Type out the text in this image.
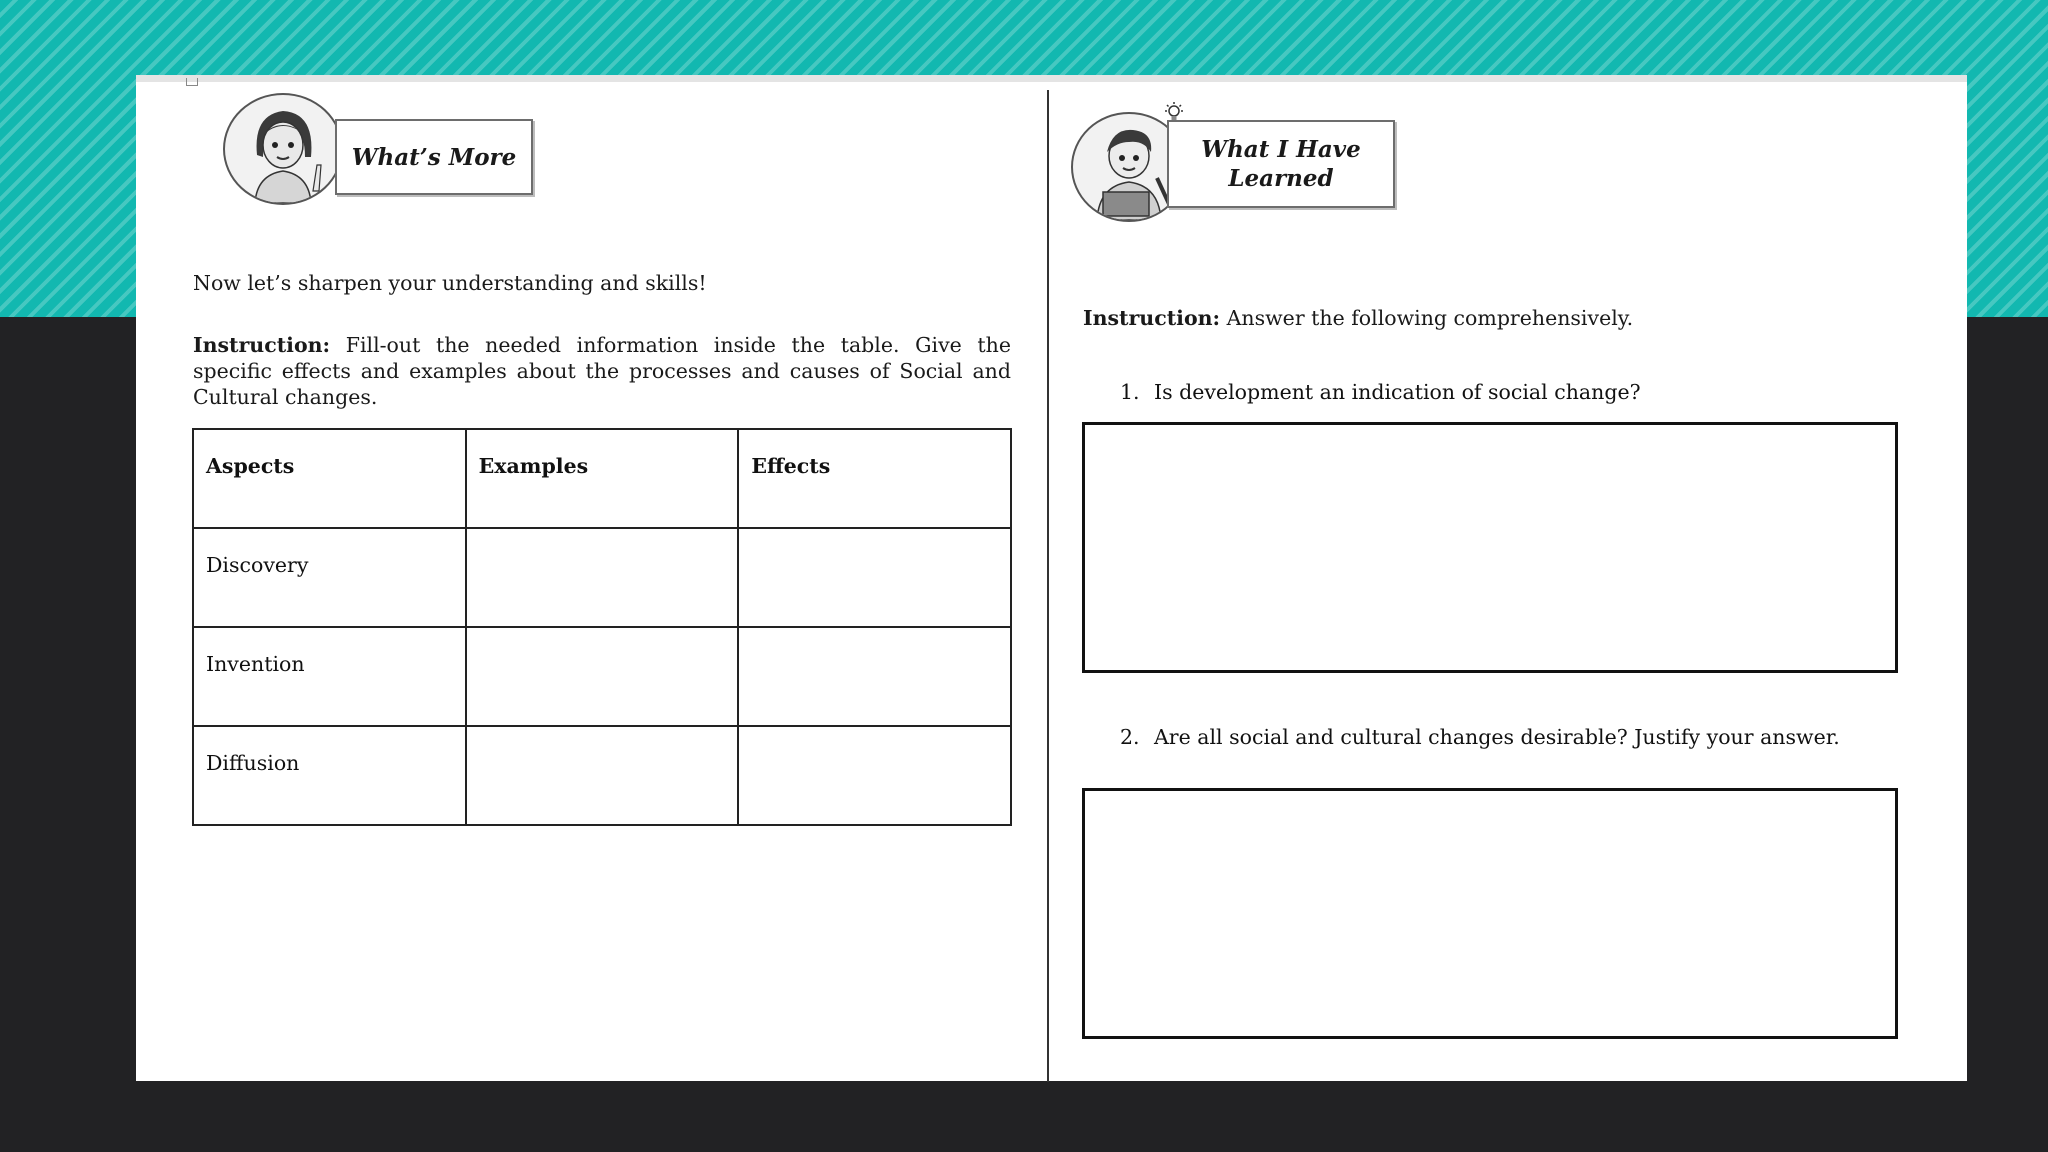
What’s More
Now let’s sharpen your understanding and skills!
Instruction: Fill-out the needed information inside the table. Give the specific effects and examples about the processes and causes of Social and Cultural changes.
Aspects	Examples	Effects
Discovery		
Invention		
Diffusion		
What I Have
Learned
Instruction: Answer the following comprehensively.
1. Is development an indication of social change?
2. Are all social and cultural changes desirable? Justify your answer.
